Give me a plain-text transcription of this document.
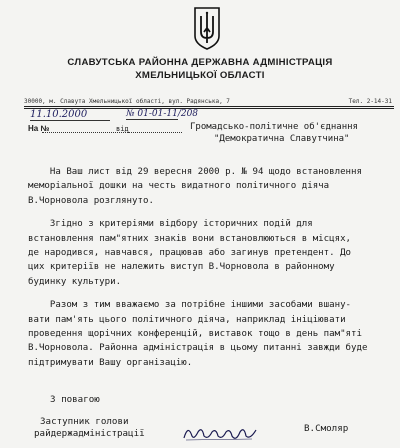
СЛАВУТСЬКА РАЙОННА ДЕРЖАВНА АДМІНІСТРАЦІЯ
ХМЕЛЬНИЦЬКОЇ ОБЛАСТІ
30000, м. Славута Хмельницької області, вул. Радянська, 7	Тел. 2-14-31
11.10.2000	№ 01-01-11/208
На №	від	Громадсько-політичне об'єднання
"Демократична Славутчина"

На Ваш лист від 29 вересня 2000 р. № 94 щодо встановлення
меморіальної дошки на честь видатного політичного діяча
В.Чорновола розглянуто.

Згідно з критеріями відбору історичних подій для
встановлення пам"ятних знаків вони встановлюються в місцях,
де народився, навчався, працював або загинув претендент. До
цих критеріїв не належить виступ В.Чорновола в районному
будинку культури.

Разом з тим вважаємо за потрібне іншими засобами вшану-
вати пам'ять цього політичного діяча, наприклад ініціювати
проведення щорічних конференцій, виставок тощо в день пам"яті
В.Чорновола. Районна адміністрація в цьому питанні завжди буде
підтримувати Вашу організацію.

З повагою
Заступник голови
райдержадміністрації	В.Смоляр
